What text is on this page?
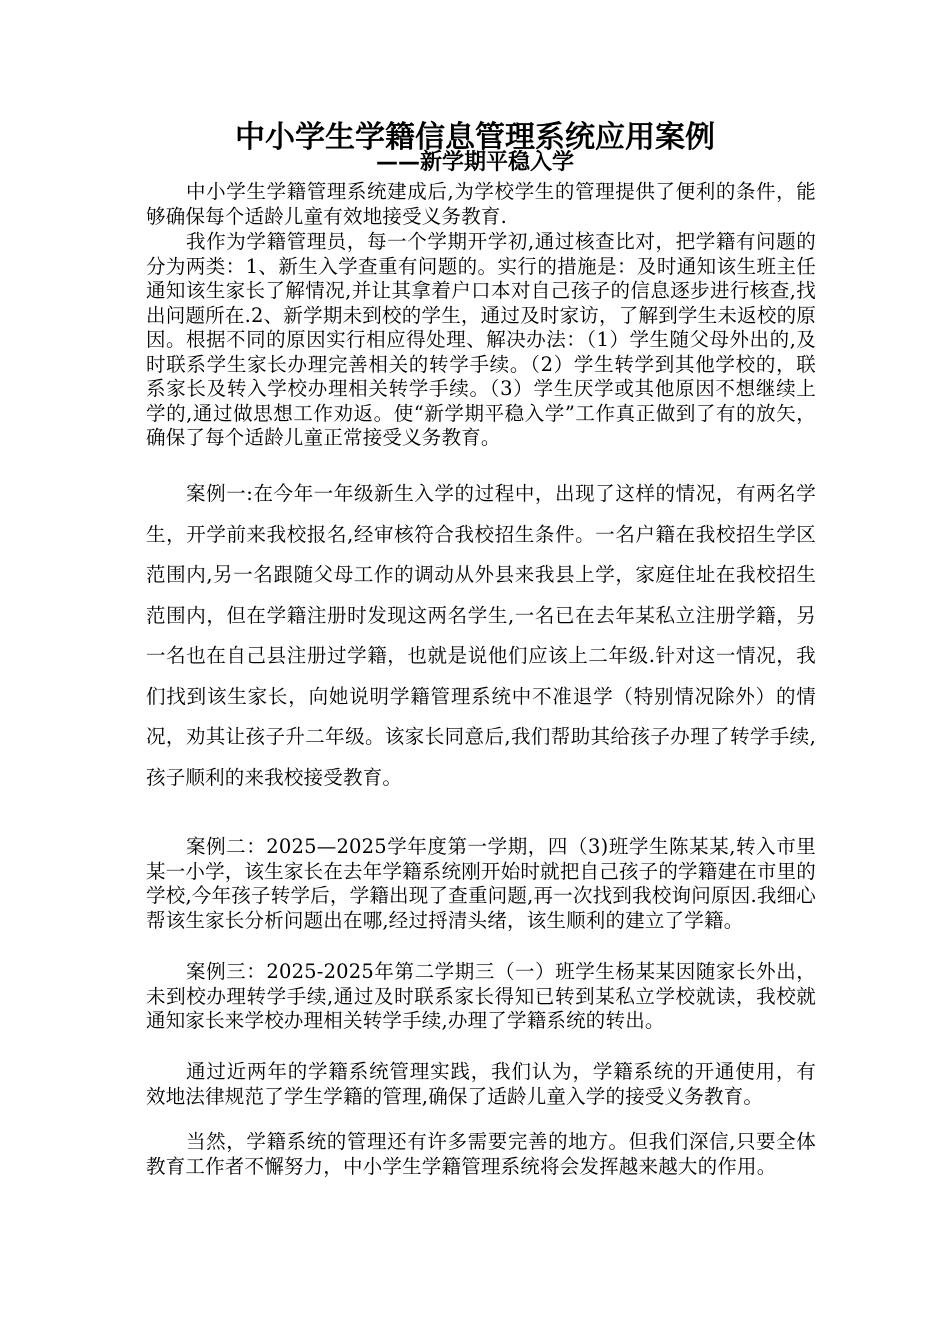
中小学生学籍信息管理系统应用案例
——新学期平稳入学

中小学生学籍管理系统建成后,为学校学生的管理提供了便利的条件，能够确保每个适龄儿童有效地接受义务教育.

我作为学籍管理员，每一个学期开学初,通过核查比对，把学籍有问题的分为两类：1、新生入学查重有问题的。实行的措施是：及时通知该生班主任通知该生家长了解情况,并让其拿着户口本对自己孩子的信息逐步进行核查,找出问题所在.2、新学期未到校的学生，通过及时家访，了解到学生未返校的原因。根据不同的原因实行相应得处理、解决办法：（1）学生随父母外出的,及时联系学生家长办理完善相关的转学手续。（2）学生转学到其他学校的，联系家长及转入学校办理相关转学手续。（3）学生厌学或其他原因不想继续上学的,通过做思想工作劝返。使“新学期平稳入学”工作真正做到了有的放矢，确保了每个适龄儿童正常接受义务教育。

案例一:在今年一年级新生入学的过程中，出现了这样的情况，有两名学生，开学前来我校报名,经审核符合我校招生条件。一名户籍在我校招生学区范围内,另一名跟随父母工作的调动从外县来我县上学，家庭住址在我校招生范围内，但在学籍注册时发现这两名学生,一名已在去年某私立注册学籍，另一名也在自己县注册过学籍，也就是说他们应该上二年级.针对这一情况，我们找到该生家长，向她说明学籍管理系统中不准退学（特别情况除外）的情况，劝其让孩子升二年级。该家长同意后,我们帮助其给孩子办理了转学手续,孩子顺利的来我校接受教育。

案例二：2025—2025学年度第一学期，四（3)班学生陈某某,转入市里某一小学，该生家长在去年学籍系统刚开始时就把自己孩子的学籍建在市里的学校,今年孩子转学后，学籍出现了查重问题,再一次找到我校询问原因.我细心帮该生家长分析问题出在哪,经过捋清头绪，该生顺利的建立了学籍。

案例三：2025-2025年第二学期三（一）班学生杨某某因随家长外出，未到校办理转学手续,通过及时联系家长得知已转到某私立学校就读，我校就通知家长来学校办理相关转学手续,办理了学籍系统的转出。

通过近两年的学籍系统管理实践，我们认为，学籍系统的开通使用，有效地法律规范了学生学籍的管理,确保了适龄儿童入学的接受义务教育。

当然，学籍系统的管理还有许多需要完善的地方。但我们深信,只要全体教育工作者不懈努力，中小学生学籍管理系统将会发挥越来越大的作用。
